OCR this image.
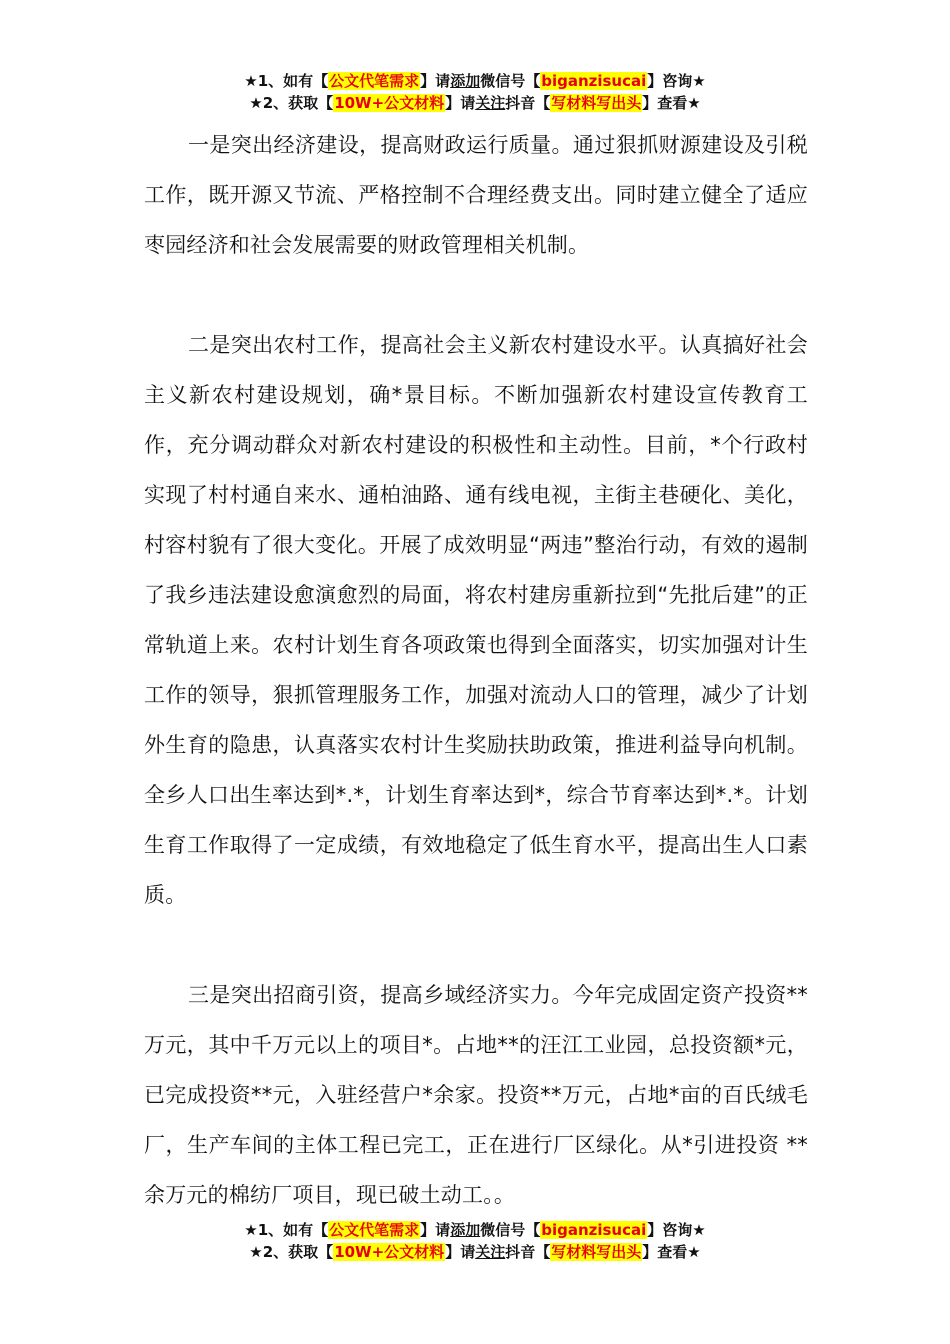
★1、如有【公文代笔需求】请添加微信号【biganzisucai】咨询★
★2、获取【10W+公文材料】请关注抖音【写材料写出头】查看★

一是突出经济建设，提高财政运行质量。通过狠抓财源建设及引税工作，既开源又节流、严格控制不合理经费支出。同时建立健全了适应枣园经济和社会发展需要的财政管理相关机制。

二是突出农村工作，提高社会主义新农村建设水平。认真搞好社会主义新农村建设规划，确*景目标。不断加强新农村建设宣传教育工作，充分调动群众对新农村建设的积极性和主动性。目前，*个行政村实现了村村通自来水、通柏油路、通有线电视，主街主巷硬化、美化，村容村貌有了很大变化。开展了成效明显“两违”整治行动，有效的遏制了我乡违法建设愈演愈烈的局面，将农村建房重新拉到“先批后建”的正常轨道上来。农村计划生育各项政策也得到全面落实，切实加强对计生工作的领导，狠抓管理服务工作，加强对流动人口的管理，减少了计划外生育的隐患，认真落实农村计生奖励扶助政策，推进利益导向机制。全乡人口出生率达到*.*，计划生育率达到*，综合节育率达到*.*。计划生育工作取得了一定成绩，有效地稳定了低生育水平，提高出生人口素质。

三是突出招商引资，提高乡域经济实力。今年完成固定资产投资**万元，其中千万元以上的项目*。占地**的汪江工业园，总投资额*元，已完成投资**元，入驻经营户*余家。投资**万元，占地*亩的百氏绒毛厂，生产车间的主体工程已完工，正在进行厂区绿化。从*引进投资 **余万元的棉纺厂项目，现已破土动工。。

★1、如有【公文代笔需求】请添加微信号【biganzisucai】咨询★
★2、获取【10W+公文材料】请关注抖音【写材料写出头】查看★
